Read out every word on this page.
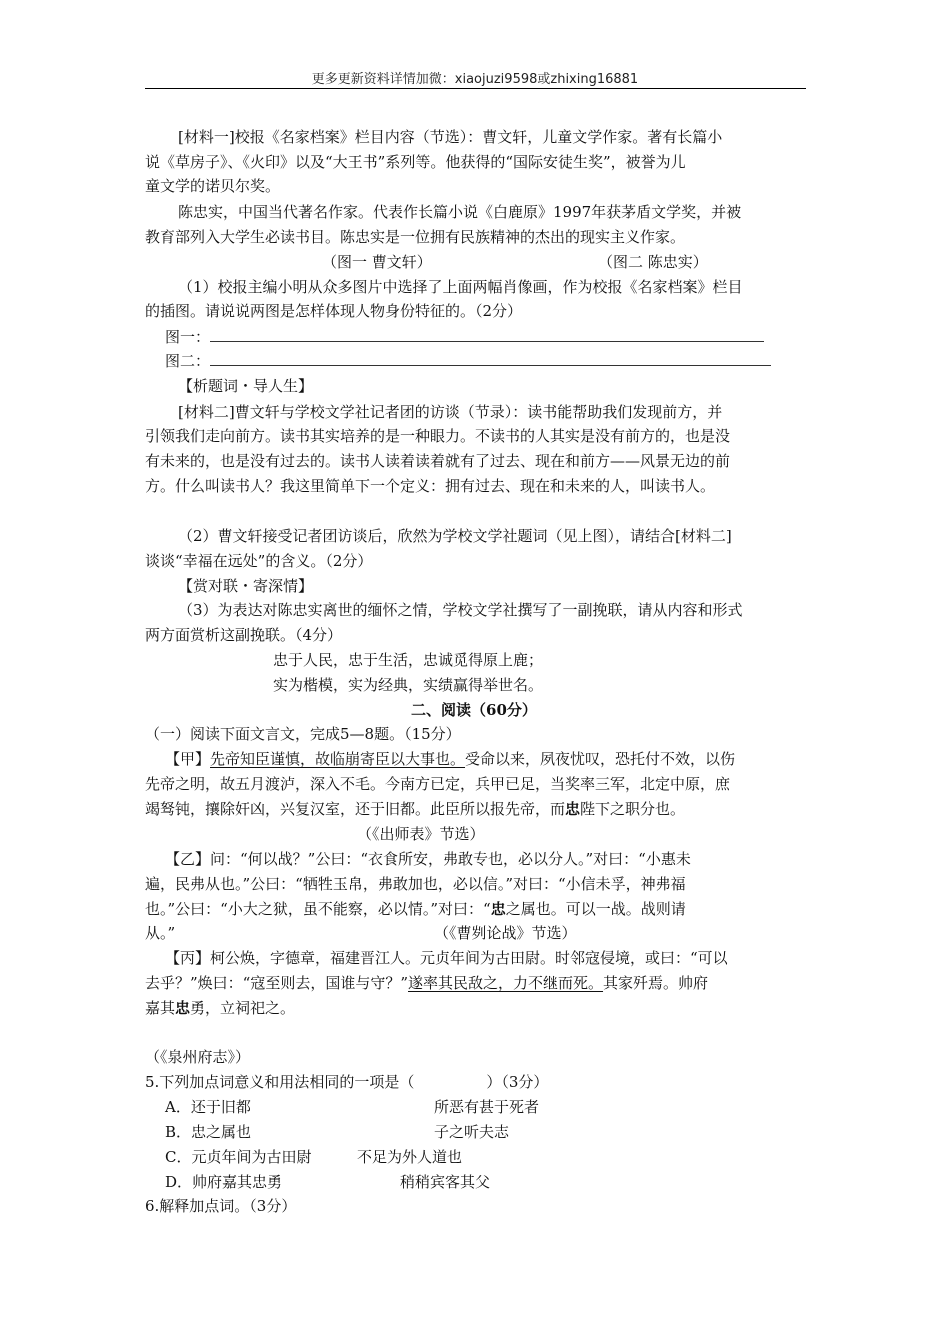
更多更新资料详情加微：xiaojuzi9598或zhixing16881
[材料一]校报《名家档案》栏目内容（节选）：曹文轩，儿童文学作家。著有长篇小
说《草房子》、《火印》以及“大王书”系列等。他获得的“国际安徒生奖”，被誉为儿
童文学的诺贝尔奖。
陈忠实，中国当代著名作家。代表作长篇小说《白鹿原》1997年获茅盾文学奖，并被
教育部列入大学生必读书目。陈忠实是一位拥有民族精神的杰出的现实主义作家。
（图一 曹文轩）	（图二 陈忠实）
（1）校报主编小明从众多图片中选择了上面两幅肖像画，作为校报《名家档案》栏目
的插图。请说说两图是怎样体现人物身份特征的。（2分）
图一：
图二：
【析题词・导人生】
[材料二]曹文轩与学校文学社记者团的访谈（节录）：读书能帮助我们发现前方，并
引领我们走向前方。读书其实培养的是一种眼力。不读书的人其实是没有前方的，也是没
有未来的，也是没有过去的。读书人读着读着就有了过去、现在和前方——风景无边的前
方。什么叫读书人？我这里简单下一个定义：拥有过去、现在和未来的人，叫读书人。
（2）曹文轩接受记者团访谈后，欣然为学校文学社题词（见上图），请结合[材料二]
谈谈“幸福在远处”的含义。（2分）
【赏对联・寄深情】
（3）为表达对陈忠实离世的缅怀之情，学校文学社撰写了一副挽联，请从内容和形式
两方面赏析这副挽联。（4分）
忠于人民，忠于生活，忠诚觅得原上鹿；
实为楷模，实为经典，实绩赢得举世名。
二、阅读（60分）
（一）阅读下面文言文，完成5—8题。（15分）
【甲】先帝知臣谨慎，故临崩寄臣以大事也。受命以来，夙夜忧叹，恐托付不效，以伤
先帝之明，故五月渡泸，深入不毛。今南方已定，兵甲已足，当奖率三军，北定中原，庶
竭驽钝，攘除奸凶，兴复汉室，还于旧都。此臣所以报先帝，而忠陛下之职分也。
（《出师表》节选）
【乙】问：“何以战？”公曰：“衣食所安，弗敢专也，必以分人。”对曰：“小惠未
遍，民弗从也。”公曰：“牺牲玉帛，弗敢加也，必以信。”对曰：“小信未孚，神弗福
也。”公曰：“小大之狱，虽不能察，必以情。”对曰：“忠之属也。可以一战。战则请
从。”	（《曹刿论战》节选）
【丙】柯公焕，字德章，福建晋江人。元贞年间为古田尉。时邻寇侵境，或曰：“可以
去乎？”焕曰：“寇至则去，国谁与守？”遂率其民敌之，力不继而死。其家歼焉。帅府
嘉其忠勇，立祠祀之。
（《泉州府志》）
5.下列加点词意义和用法相同的一项是（	）（3分）
A．还于旧都	所恶有甚于死者
B．忠之属也	子之听夫志
C．元贞年间为古田尉	不足为外人道也
D．帅府嘉其忠勇	稍稍宾客其父
6.解释加点词。（3分）
